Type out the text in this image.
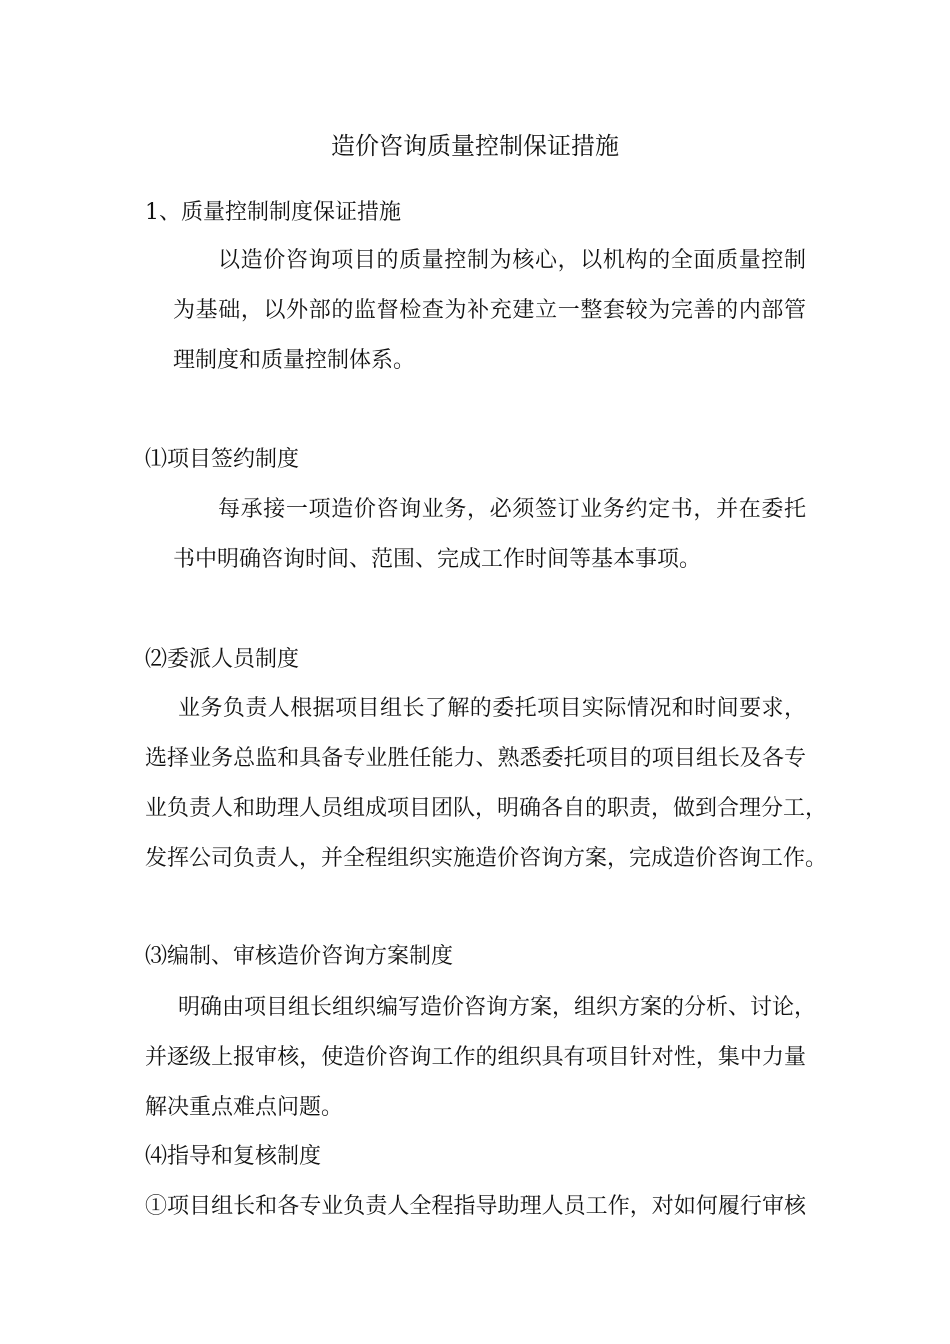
造价咨询质量控制保证措施
1、质量控制制度保证措施
以造价咨询项目的质量控制为核心，以机构的全面质量控制
为基础，以外部的监督检查为补充建立一整套较为完善的内部管
理制度和质量控制体系。
⑴项目签约制度
每承接一项造价咨询业务，必须签订业务约定书，并在委托
书中明确咨询时间、范围、完成工作时间等基本事项。
⑵委派人员制度
业务负责人根据项目组长了解的委托项目实际情况和时间要求，
选择业务总监和具备专业胜任能力、熟悉委托项目的项目组长及各专
业负责人和助理人员组成项目团队，明确各自的职责，做到合理分工，
发挥公司负责人，并全程组织实施造价咨询方案，完成造价咨询工作。
⑶编制、审核造价咨询方案制度
明确由项目组长组织编写造价咨询方案，组织方案的分析、讨论，
并逐级上报审核，使造价咨询工作的组织具有项目针对性，集中力量
解决重点难点问题。
⑷指导和复核制度
①项目组长和各专业负责人全程指导助理人员工作，对如何履行审核
